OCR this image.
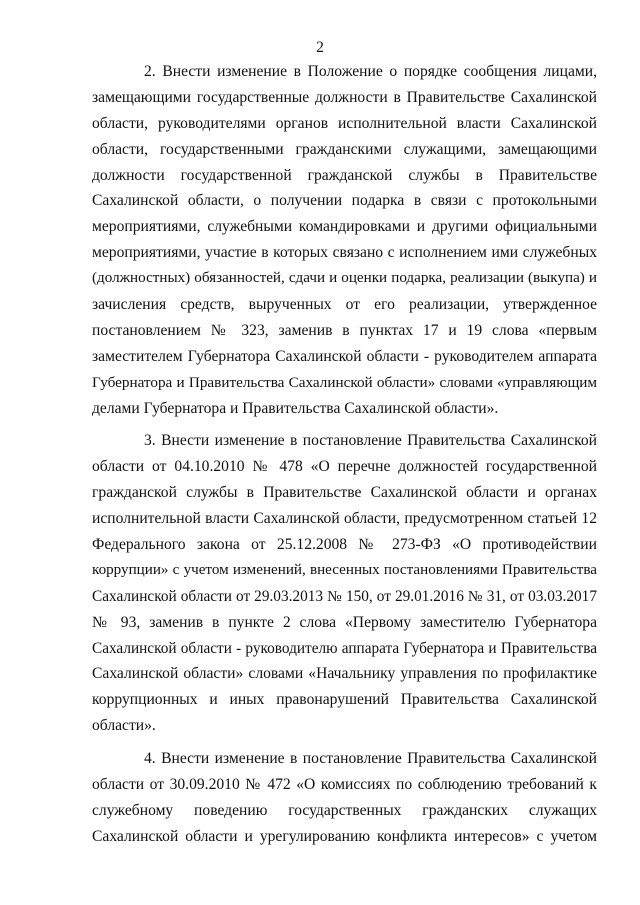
2
2. Внести изменение в Положение о порядке сообщения лицами,
замещающими государственные должности в Правительстве Сахалинской
области, руководителями органов исполнительной власти Сахалинской
области, государственными гражданскими служащими, замещающими
должности государственной гражданской службы в Правительстве
Сахалинской области, о получении подарка в связи с протокольными
мероприятиями, служебными командировками и другими официальными
мероприятиями, участие в которых связано с исполнением ими служебных
(должностных) обязанностей, сдачи и оценки подарка, реализации (выкупа) и
зачисления средств, вырученных от его реализации, утвержденное
постановлением № 323, заменив в пунктах 17 и 19 слова «первым
заместителем Губернатора Сахалинской области - руководителем аппарата
Губернатора и Правительства Сахалинской области» словами «управляющим
делами Губернатора и Правительства Сахалинской области».
3. Внести изменение в постановление Правительства Сахалинской
области от 04.10.2010 № 478 «О перечне должностей государственной
гражданской службы в Правительстве Сахалинской области и органах
исполнительной власти Сахалинской области, предусмотренном статьей 12
Федерального закона от 25.12.2008 № 273-ФЗ «О противодействии
коррупции» с учетом изменений, внесенных постановлениями Правительства
Сахалинской области от 29.03.2013 № 150, от 29.01.2016 № 31, от 03.03.2017
№ 93, заменив в пункте 2 слова «Первому заместителю Губернатора
Сахалинской области - руководителю аппарата Губернатора и Правительства
Сахалинской области» словами «Начальнику управления по профилактике
коррупционных и иных правонарушений Правительства Сахалинской
области».
4. Внести изменение в постановление Правительства Сахалинской
области от 30.09.2010 № 472 «О комиссиях по соблюдению требований к
служебному поведению государственных гражданских служащих
Сахалинской области и урегулированию конфликта интересов» с учетом
